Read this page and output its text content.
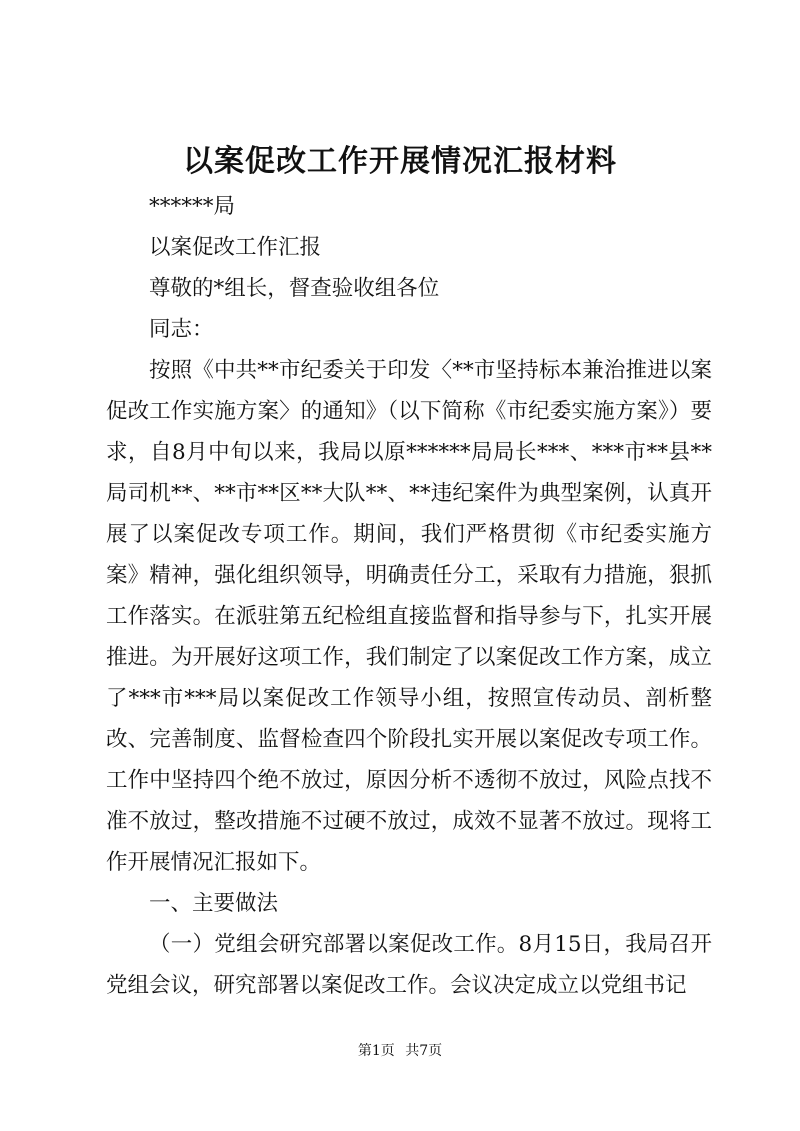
以案促改工作开展情况汇报材料

******局

以案促改工作汇报

尊敬的*组长，督查验收组各位

同志：

按照《中共**市纪委关于印发〈**市坚持标本兼治推进以案促改工作实施方案〉的通知》（以下简称《市纪委实施方案》）要求，自8月中旬以来，我局以原******局局长***、***市**县**局司机**、**市**区**大队**、**违纪案件为典型案例，认真开展了以案促改专项工作。期间，我们严格贯彻《市纪委实施方案》精神，强化组织领导，明确责任分工，采取有力措施，狠抓工作落实。在派驻第五纪检组直接监督和指导参与下，扎实开展推进。为开展好这项工作，我们制定了以案促改工作方案，成立了***市***局以案促改工作领导小组，按照宣传动员、剖析整改、完善制度、监督检查四个阶段扎实开展以案促改专项工作。工作中坚持四个绝不放过，原因分析不透彻不放过，风险点找不准不放过，整改措施不过硬不放过，成效不显著不放过。现将工作开展情况汇报如下。

一、主要做法

（一）党组会研究部署以案促改工作。8月15日，我局召开党组会议，研究部署以案促改工作。会议决定成立以党组书记

第1页 共7页
